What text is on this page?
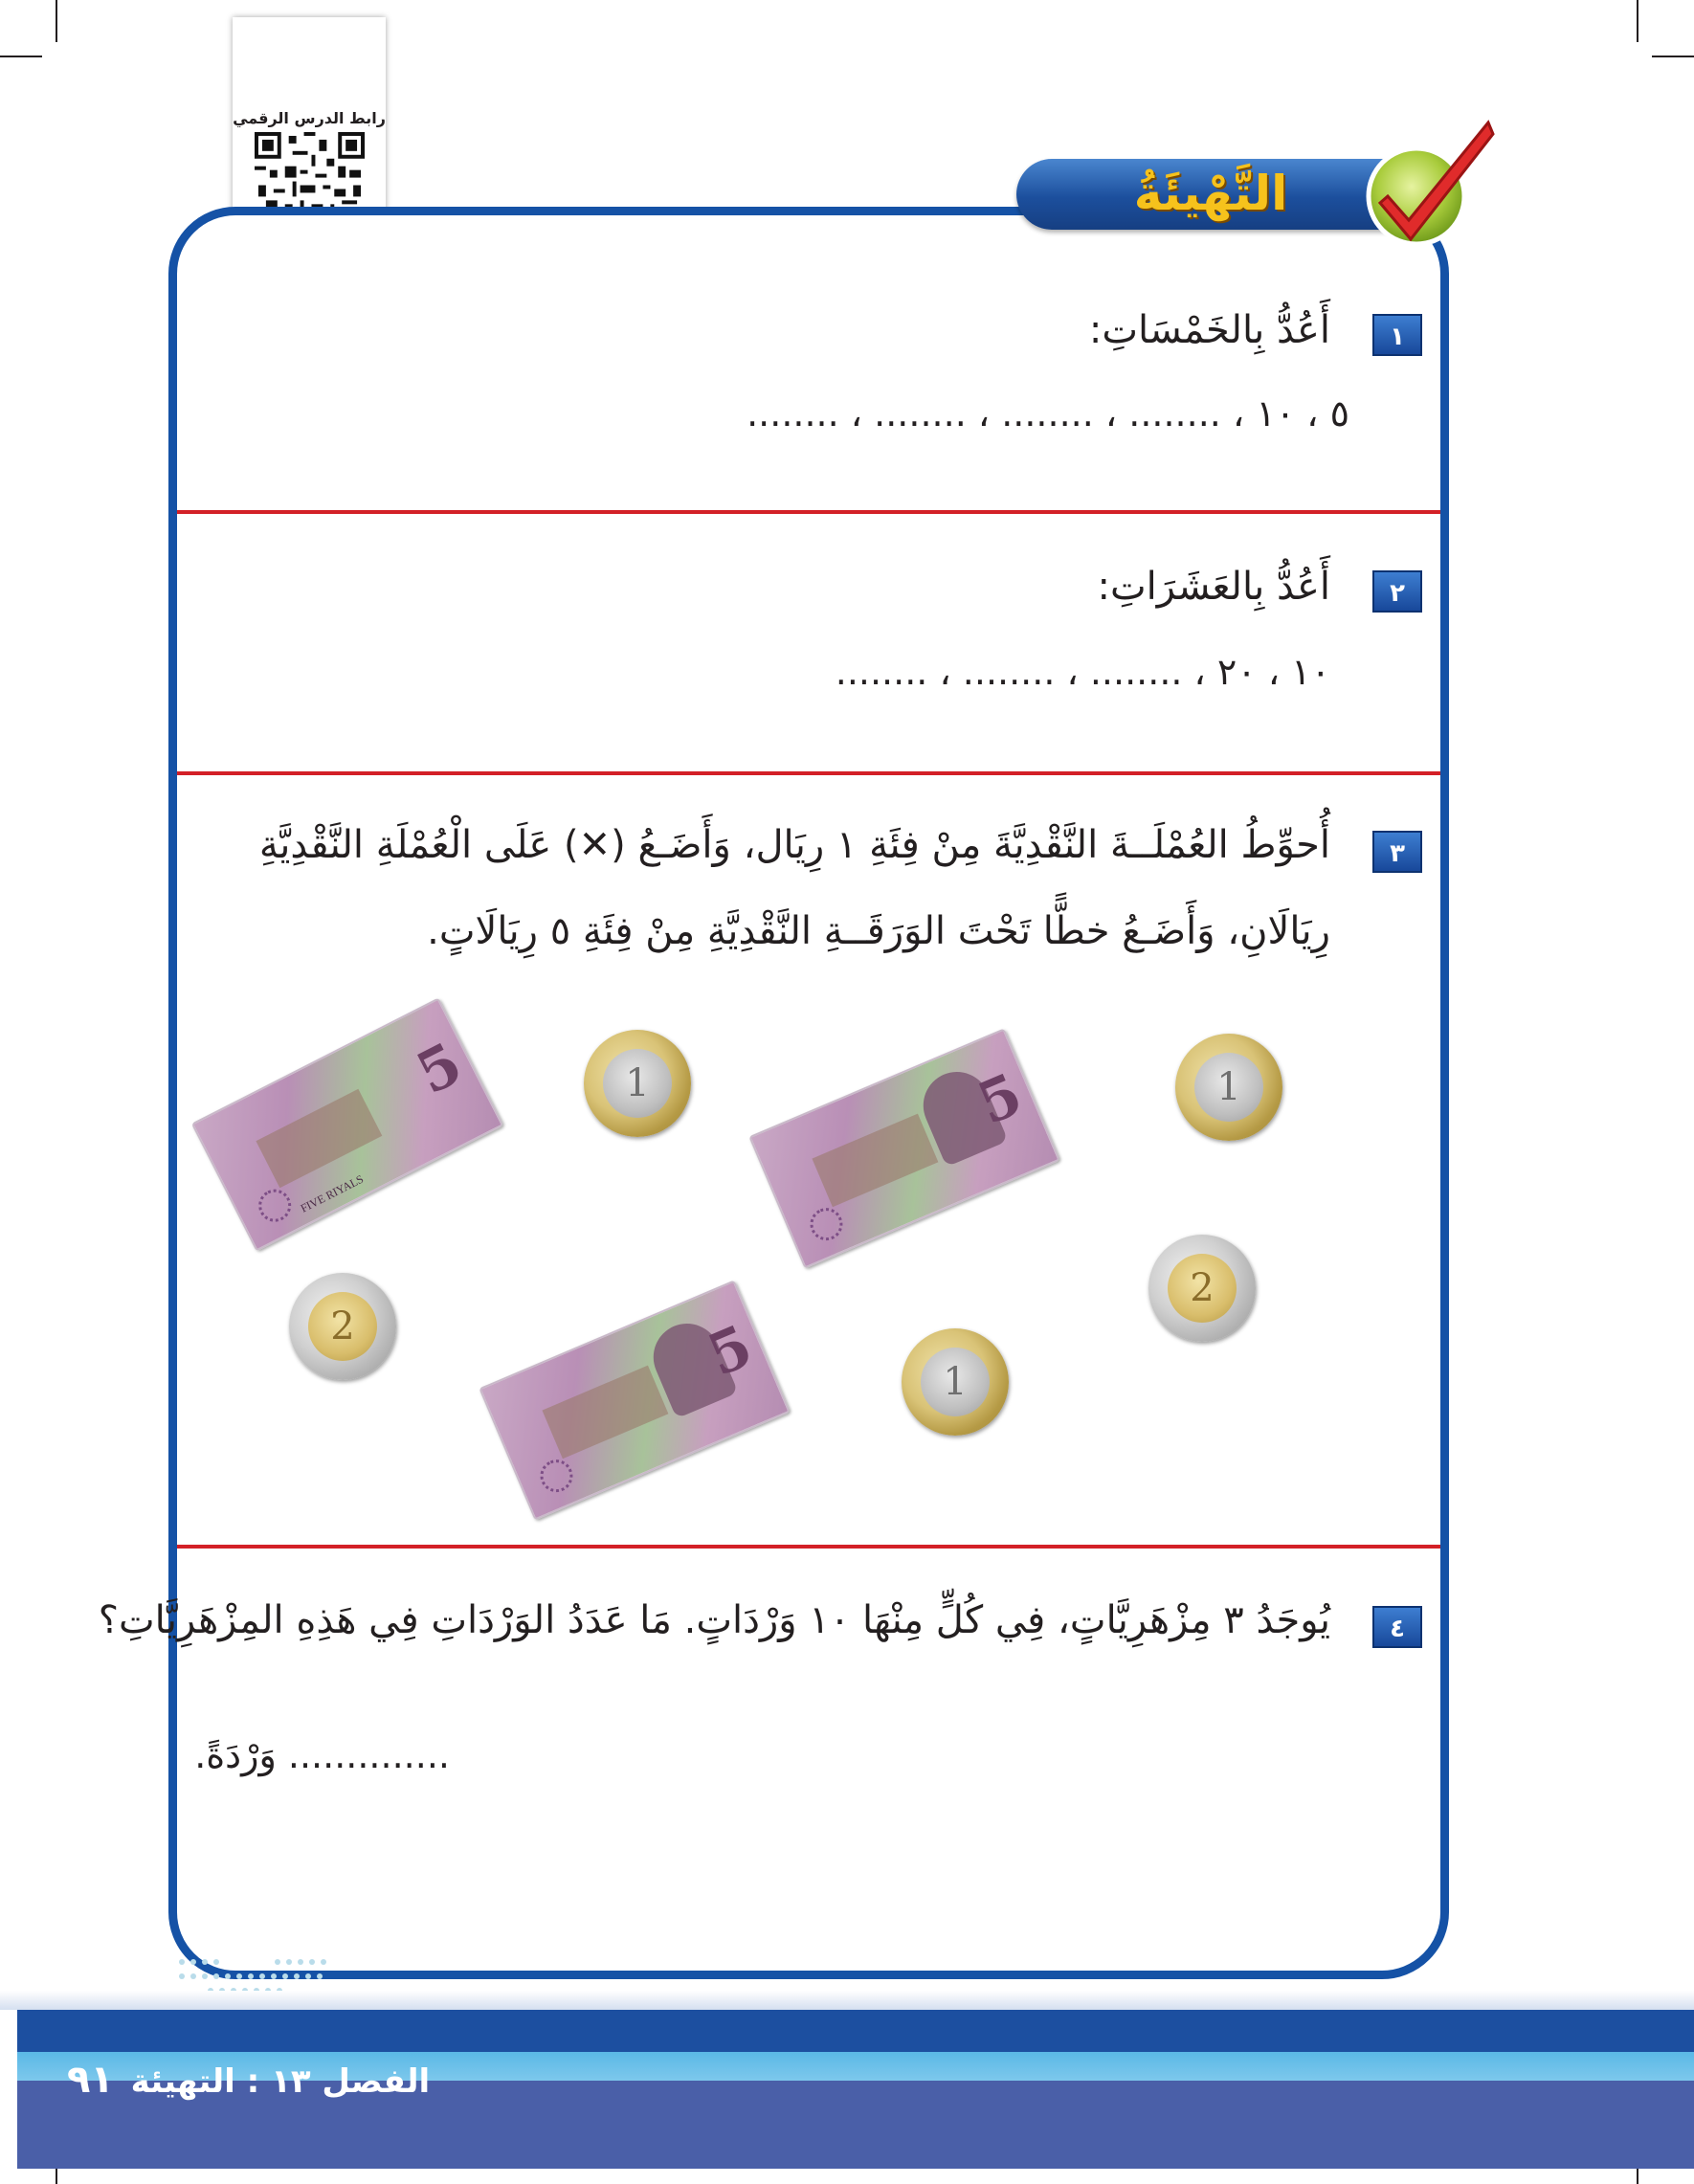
رابط الدرس الرقمي
التَّهْيئَةُ
١
أَعُدُّ بِالخَمْسَاتِ:
٥ ، ١٠ ، ........ ، ........ ، ........ ، ........
٢
أَعُدُّ بِالعَشَرَاتِ:
١٠ ، ٢٠ ، ........ ، ........ ، ........
٣
أُحوِّطُ العُمْلَــةَ النَّقْدِيَّةَ مِنْ فِئَةِ ١ رِيَال، وَأَضَـعُ (✕) عَلَى الْعُمْلَةِ النَّقْدِيَّةِ
رِيَالَانِ، وَأَضَـعُ خطًّا تَحْتَ الوَرَقَــةِ النَّقْدِيَّةِ مِنْ فِئَةِ ٥ رِيَالَاتٍ.
5
FIVE RIYALS
5
5
1	1
1
2
2
٤
يُوجَدُ ٣ مِزْهَرِيَّاتٍ، فِي كُلٍّ مِنْهَا ١٠ وَرْدَاتٍ. مَا عَدَدُ الوَرْدَاتِ فِي هَذِهِ المِزْهَرِيَّاتِ؟
.............. وَرْدَةً.
الفصل ١٣ : التهيئة ٩١
